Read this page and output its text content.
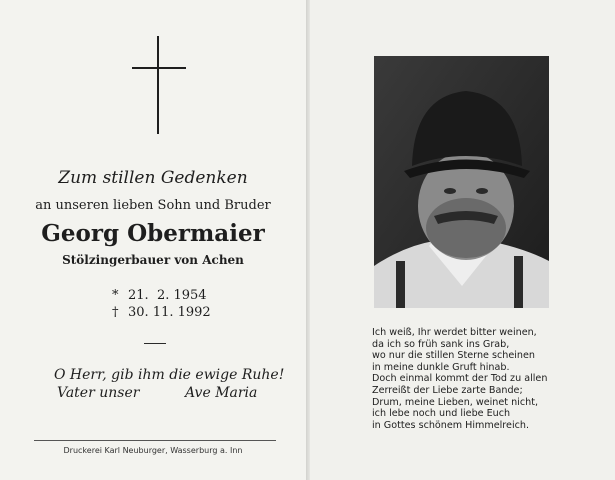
Zum stillen Gedenken
an unseren lieben Sohn und Bruder
Georg Obermaier
Stölzingerbauer von Achen
* 21.  2. 1954
† 30. 11. 1992
O Herr, gib ihm die ewige Ruhe!
Vater unser	Ave Maria
Druckerei Karl Neuburger, Wasserburg a. Inn
Ich weiß, Ihr werdet bitter weinen,
da ich so früh sank ins Grab,
wo nur die stillen Sterne scheinen
in meine dunkle Gruft hinab.
Doch einmal kommt der Tod zu allen
Zerreißt der Liebe zarte Bande;
Drum, meine Lieben, weinet nicht,
ich lebe noch und liebe Euch
in Gottes schönem Himmelreich.
